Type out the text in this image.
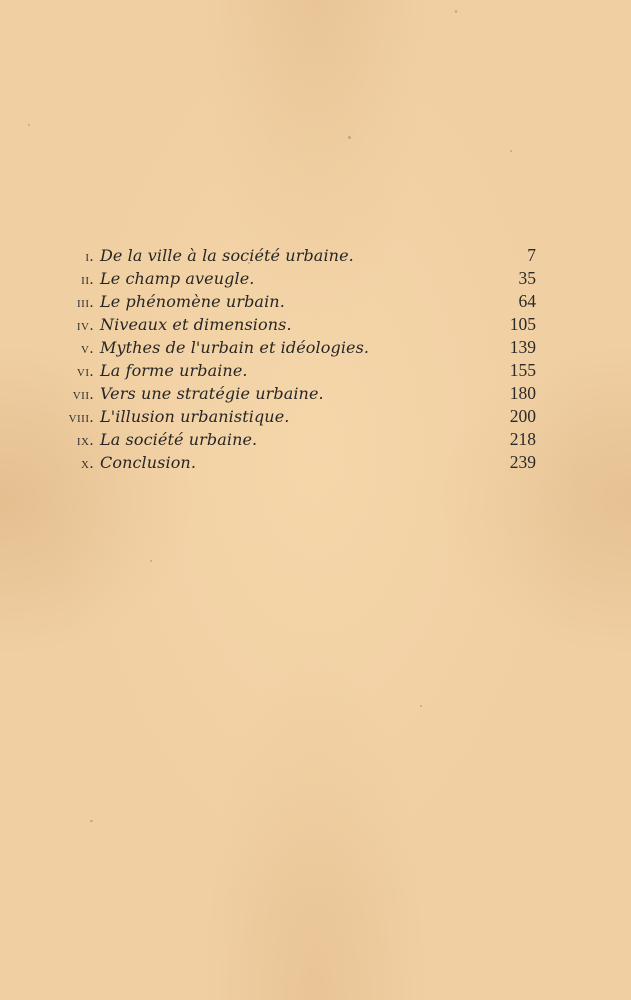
i. De la ville à la société urbaine.	7
ii. Le champ aveugle.	35
iii. Le phénomène urbain.	64
iv. Niveaux et dimensions.	105
v. Mythes de l'urbain et idéologies.	139
vi. La forme urbaine.	155
vii. Vers une stratégie urbaine.	180
viii. L'illusion urbanistique.	200
ix. La société urbaine.	218
x. Conclusion.	239
